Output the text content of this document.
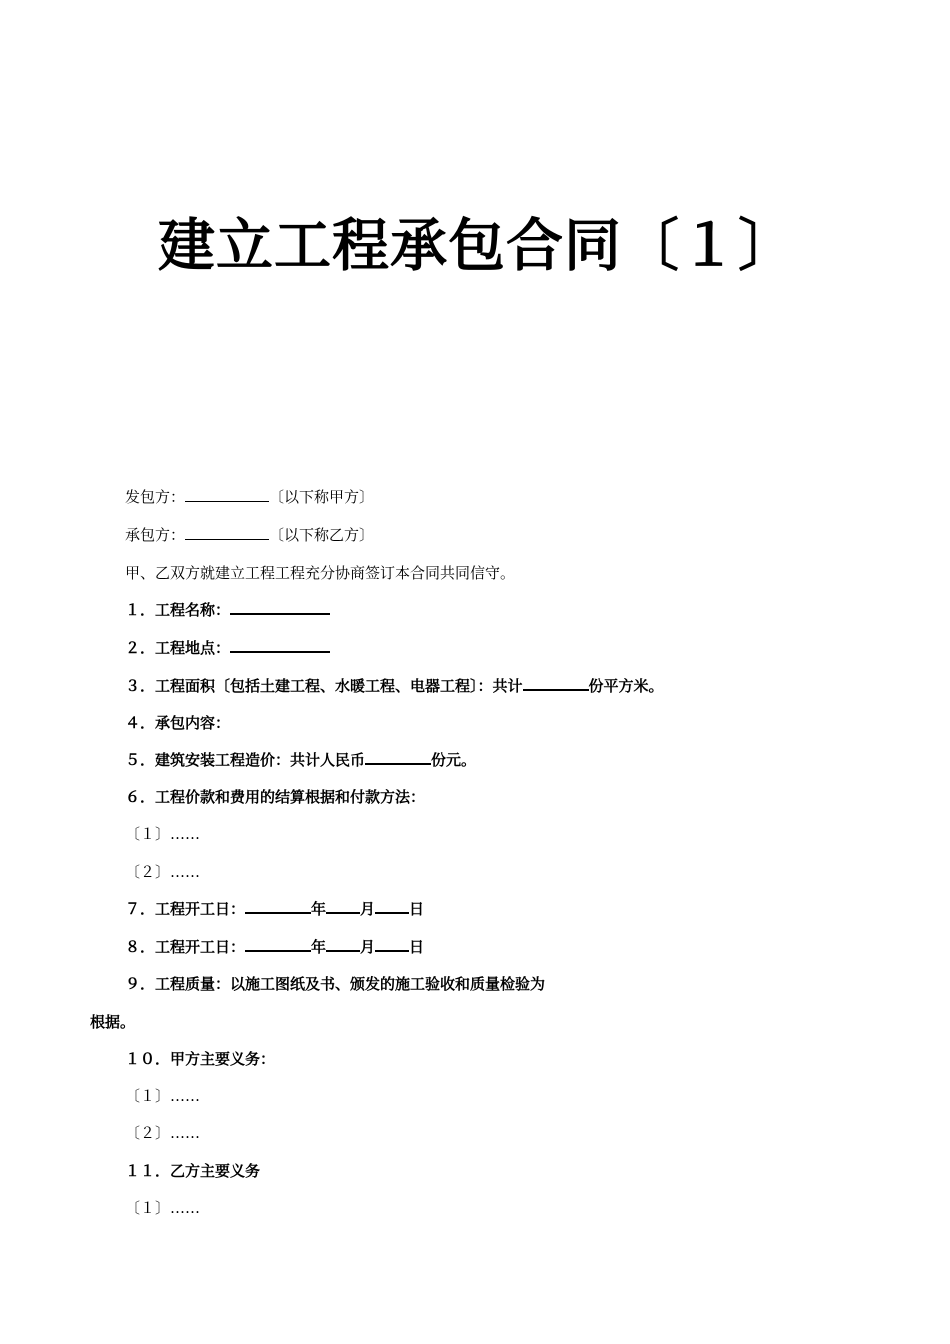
建立工程承包合同〔１〕
发包方：	〔以下称甲方〕
承包方：	〔以下称乙方〕
甲、乙双方就建立工程工程充分协商签订本合同共同信守。
１．工程名称：
２．工程地点：
３．工程面积〔包括土建工程、水暖工程、电器工程〕：共计	份平方米。
４．承包内容：
５．建筑安装工程造价：共计人民币	份元。
６．工程价款和费用的结算根据和付款方法：
〔１〕……
〔２〕……
７．工程开工日：	年 月 日
８．工程开工日：	年 月 日
９．工程质量：以施工图纸及书、颁发的施工验收和质量检验为
根据。
１０．甲方主要义务：
〔１〕……
〔２〕……
１１．乙方主要义务
〔１〕……
